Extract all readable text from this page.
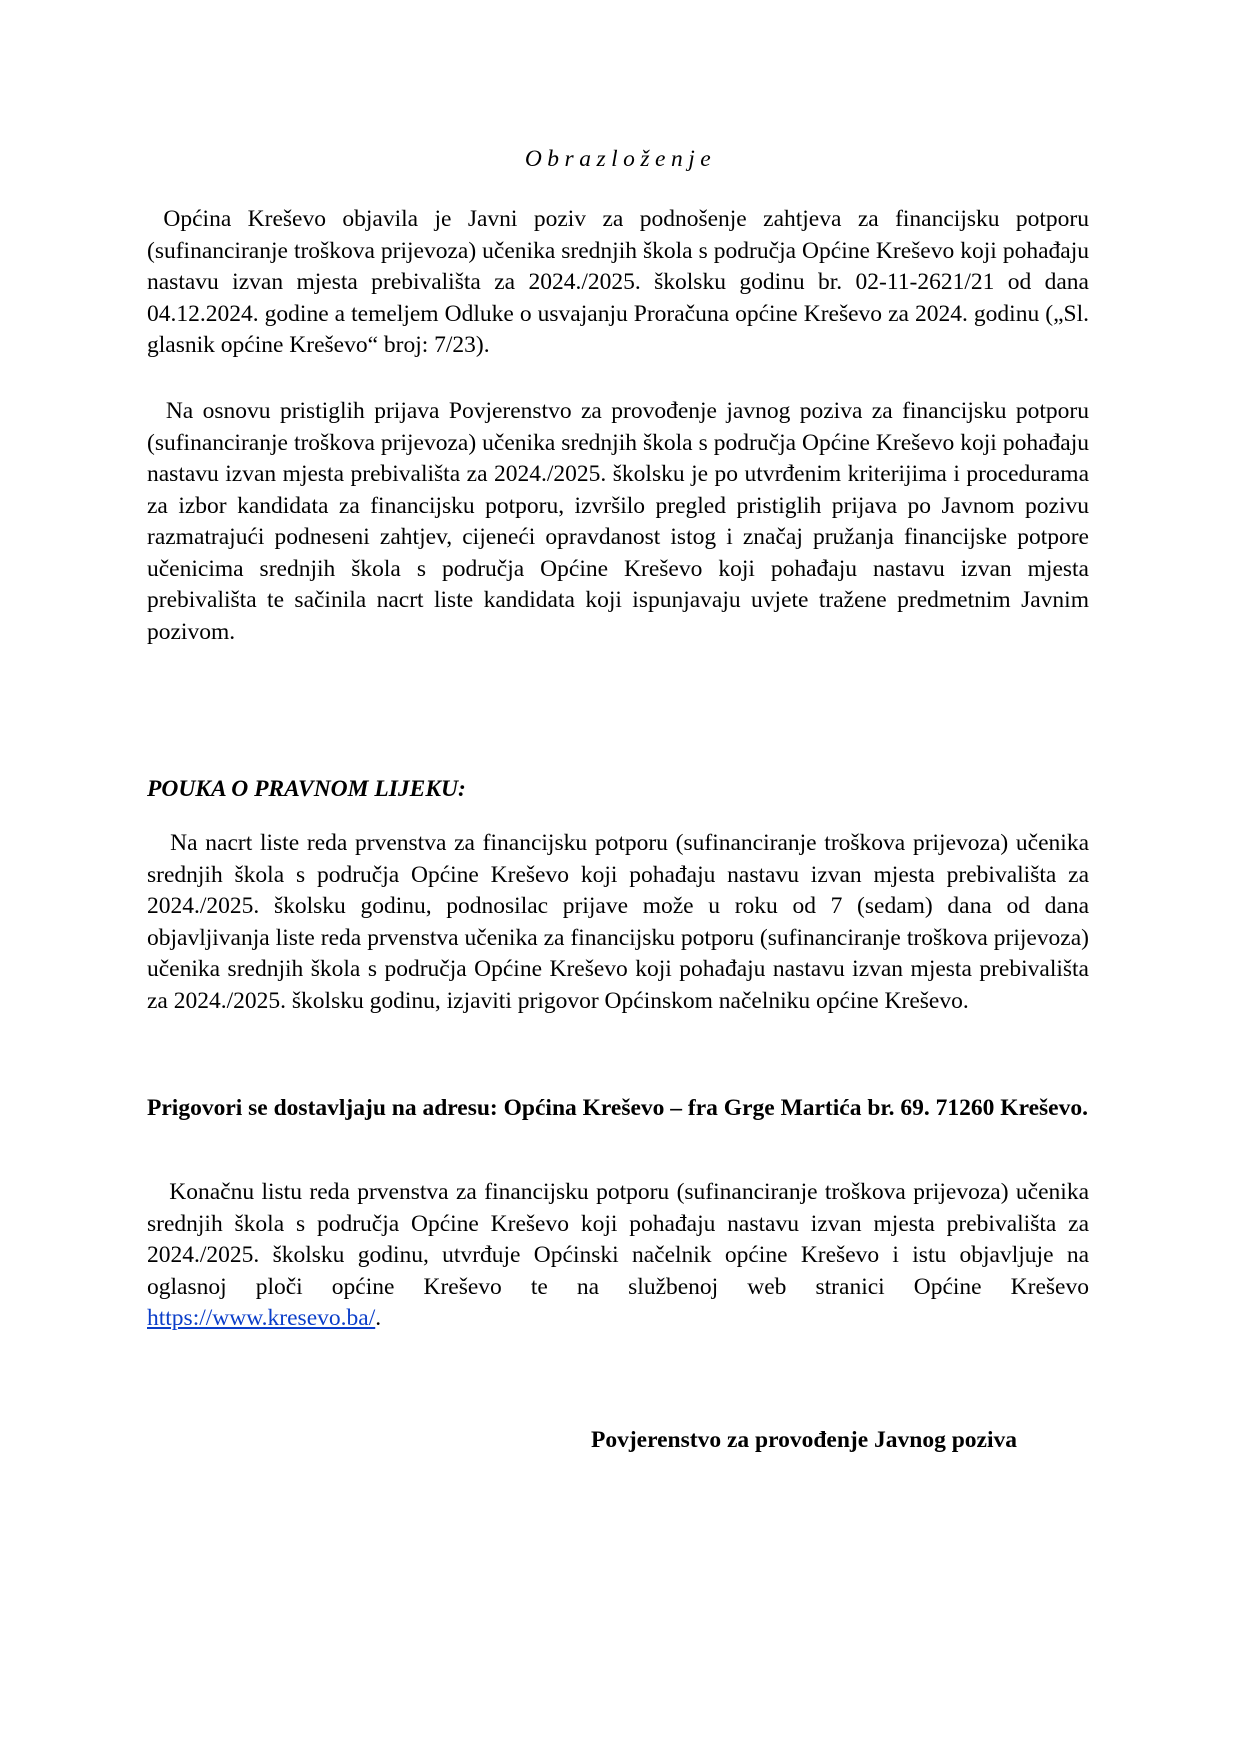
Obrazloženje

Općina Kreševo objavila je Javni poziv za podnošenje zahtjeva za financijsku potporu (sufinanciranje troškova prijevoza) učenika srednjih škola s područja Općine Kreševo koji pohađaju nastavu izvan mjesta prebivališta za 2024./2025. školsku godinu br. 02-11-2621/21 od dana 04.12.2024. godine a temeljem Odluke o usvajanju Proračuna općine Kreševo za 2024. godinu („Sl. glasnik općine Kreševo“ broj: 7/23).

Na osnovu pristiglih prijava Povjerenstvo za provođenje javnog poziva za financijsku potporu (sufinanciranje troškova prijevoza) učenika srednjih škola s područja Općine Kreševo koji pohađaju nastavu izvan mjesta prebivališta za 2024./2025. školsku je po utvrđenim kriterijima i procedurama za izbor kandidata za financijsku potporu, izvršilo pregled pristiglih prijava po Javnom pozivu razmatrajući podneseni zahtjev, cijeneći opravdanost istog i značaj pružanja financijske potpore učenicima srednjih škola s područja Općine Kreševo koji pohađaju nastavu izvan mjesta prebivališta te sačinila nacrt liste kandidata koji ispunjavaju uvjete tražene predmetnim Javnim pozivom.

POUKA O PRAVNOM LIJEKU:

Na nacrt liste reda prvenstva za financijsku potporu (sufinanciranje troškova prijevoza) učenika srednjih škola s područja Općine Kreševo koji pohađaju nastavu izvan mjesta prebivališta za 2024./2025. školsku godinu, podnosilac prijave može u roku od 7 (sedam) dana od dana objavljivanja liste reda prvenstva učenika za financijsku potporu (sufinanciranje troškova prijevoza) učenika srednjih škola s područja Općine Kreševo koji pohađaju nastavu izvan mjesta prebivališta za 2024./2025. školsku godinu, izjaviti prigovor Općinskom načelniku općine Kreševo.

Prigovori se dostavljaju na adresu: Općina Kreševo – fra Grge Martića br. 69. 71260 Kreševo.

Konačnu listu reda prvenstva za financijsku potporu (sufinanciranje troškova prijevoza) učenika srednjih škola s područja Općine Kreševo koji pohađaju nastavu izvan mjesta prebivališta za 2024./2025. školsku godinu, utvrđuje Općinski načelnik općine Kreševo i istu objavljuje na oglasnoj ploči općine Kreševo te na službenoj web stranici Općine Kreševo https://www.kresevo.ba/.

Povjerenstvo za provođenje Javnog poziva
